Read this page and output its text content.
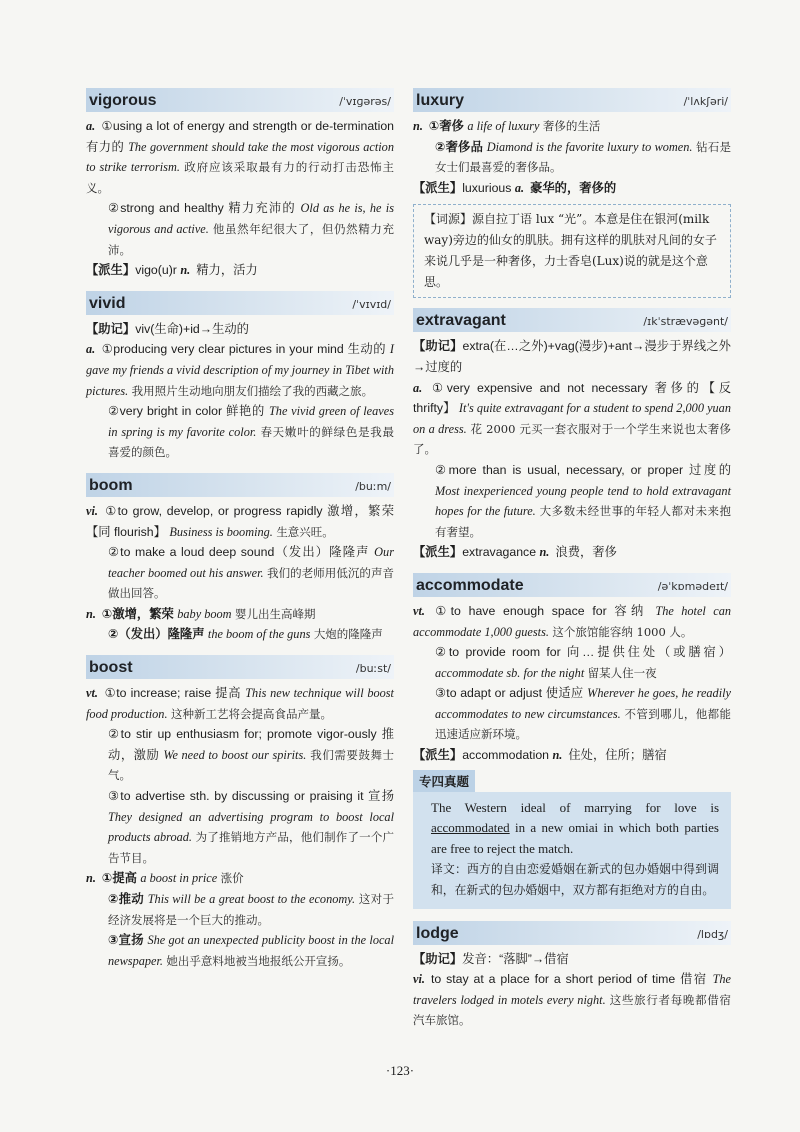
vigorous	/ˈvɪɡərəs/
a. ①using a lot of energy and strength or de-termination 有力的 The government should take the most vigorous action to strike terrorism. 政府应该采取最有力的行动打击恐怖主义。
②strong and healthy 精力充沛的 Old as he is, he is vigorous and active. 他虽然年纪很大了，但仍然精力充沛。
【派生】vigo(u)r n. 精力，活力
vivid	/ˈvɪvɪd/
【助记】viv(生命)+id→生动的
a. ①producing very clear pictures in your mind 生动的 I gave my friends a vivid description of my journey in Tibet with pictures. 我用照片生动地向朋友们描绘了我的西藏之旅。
②very bright in color 鲜艳的 The vivid green of leaves in spring is my favorite color. 春天嫩叶的鲜绿色是我最喜爱的颜色。
boom	/buːm/
vi. ①to grow, develop, or progress rapidly 激增，繁荣【同 flourish】 Business is booming. 生意兴旺。
②to make a loud deep sound（发出）隆隆声 Our teacher boomed out his answer. 我们的老师用低沉的声音做出回答。
n. ①激增，繁荣 baby boom 婴儿出生高峰期
②（发出）隆隆声 the boom of the guns 大炮的隆隆声
boost	/buːst/
vt. ①to increase; raise 提高 This new technique will boost food production. 这种新工艺将会提高食品产量。
②to stir up enthusiasm for; promote vigor-ously 推动，激励 We need to boost our spirits. 我们需要鼓舞士气。
③to advertise sth. by discussing or praising it 宣扬 They designed an advertising program to boost local products abroad. 为了推销地方产品，他们制作了一个广告节目。
n. ①提高 a boost in price 涨价
②推动 This will be a great boost to the economy. 这对于经济发展将是一个巨大的推动。
③宣扬 She got an unexpected publicity boost in the local newspaper. 她出乎意料地被当地报纸公开宣扬。
luxury	/ˈlʌkʃəri/
n. ①奢侈 a life of luxury 奢侈的生活
②奢侈品 Diamond is the favorite luxury to women. 钻石是女士们最喜爱的奢侈品。
【派生】luxurious a. 豪华的，奢侈的
【词源】源自拉丁语 lux “光”。本意是住在银河(milk way)旁边的仙女的肌肤。拥有这样的肌肤对凡间的女子来说几乎是一种奢侈，力士香皂(Lux)说的就是这个意思。
extravagant	/ɪkˈstrævəɡənt/
【助记】extra(在…之外)+vag(漫步)+ant→漫步于界线之外→过度的
a. ①very expensive and not necessary 奢侈的【反 thrifty】 It's quite extravagant for a student to spend 2,000 yuan on a dress. 花 2000 元买一套衣服对于一个学生来说也太奢侈了。
②more than is usual, necessary, or proper 过度的 Most inexperienced young people tend to hold extravagant hopes for the future. 大多数未经世事的年轻人都对未来抱有奢望。
【派生】extravagance n. 浪费，奢侈
accommodate	/əˈkɒmədeɪt/
vt. ①to have enough space for 容纳 The hotel can accommodate 1,000 guests. 这个旅馆能容纳 1000 人。
②to provide room for 向…提供住处（或膳宿） accommodate sb. for the night 留某人住一夜
③to adapt or adjust 使适应 Wherever he goes, he readily accommodates to new circumstances. 不管到哪儿，他都能迅速适应新环境。
【派生】accommodation n. 住处，住所；膳宿
专四真题
The Western ideal of marrying for love is accommodated in a new omiai in which both parties are free to reject the match.
译文：西方的自由恋爱婚姻在新式的包办婚姻中得到调和，在新式的包办婚姻中，双方都有拒绝对方的自由。
lodge	/lɒdʒ/
【助记】发音：“落脚”→借宿
vi. to stay at a place for a short period of time 借宿 The travelers lodged in motels every night. 这些旅行者每晚都借宿汽车旅馆。
·123·
